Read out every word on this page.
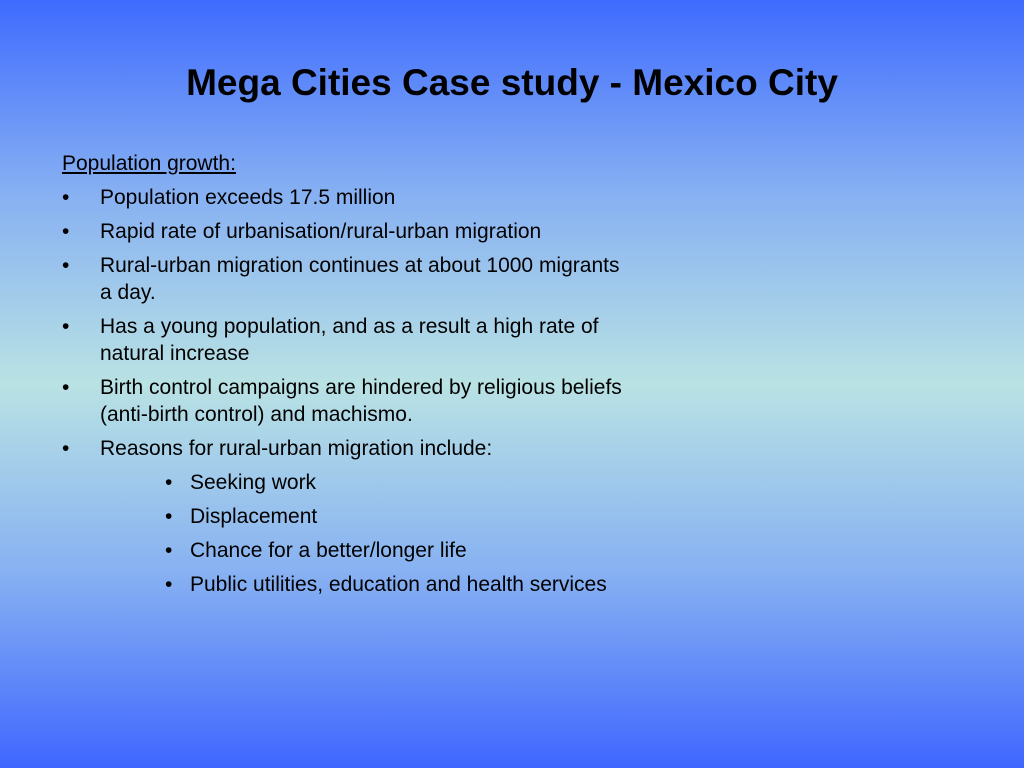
Mega Cities Case study - Mexico City
Population growth:
• Population exceeds 17.5 million
• Rapid rate of urbanisation/rural-urban migration
• Rural-urban migration continues at about 1000 migrants a day.
• Has a young population, and as a result a high rate of natural increase
• Birth control campaigns are hindered by religious beliefs (anti-birth control) and machismo.
• Reasons for rural-urban migration include:
• Seeking work
• Displacement
• Chance for a better/longer life
• Public utilities, education and health services
